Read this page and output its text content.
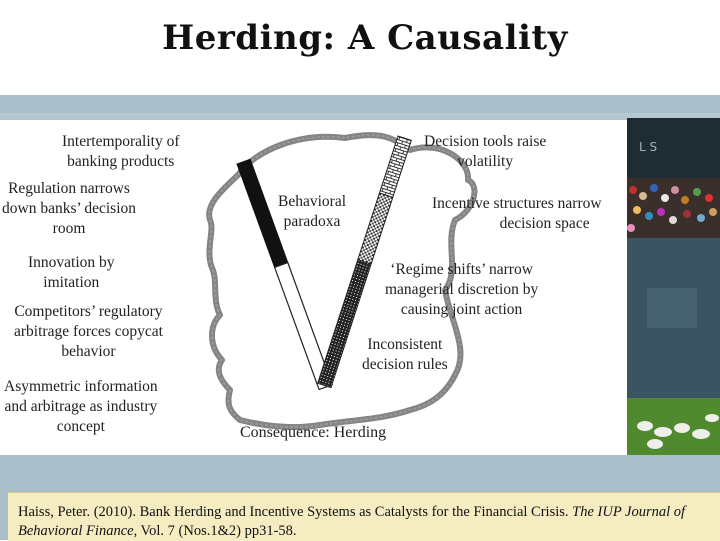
Herding: A Causality
Intertemporality of
banking products
Regulation narrows
down banks’ decision
room
Innovation by
imitation
Competitors’ regulatory
arbitrage forces copycat
behavior
Asymmetric information
and arbitrage as industry
concept
Behavioral
paradoxa
Decision tools raise
volatility
Incentive structures narrow
decision space
‘Regime shifts’ narrow
managerial discretion by
causing joint action
Inconsistent
decision rules
Consequence: Herding
L S

Haiss, Peter. (2010). Bank Herding and Incentive Systems as Catalysts for the Financial Crisis. The IUP Journal of Behavioral Finance, Vol. 7 (Nos.1&2) pp31-58.
